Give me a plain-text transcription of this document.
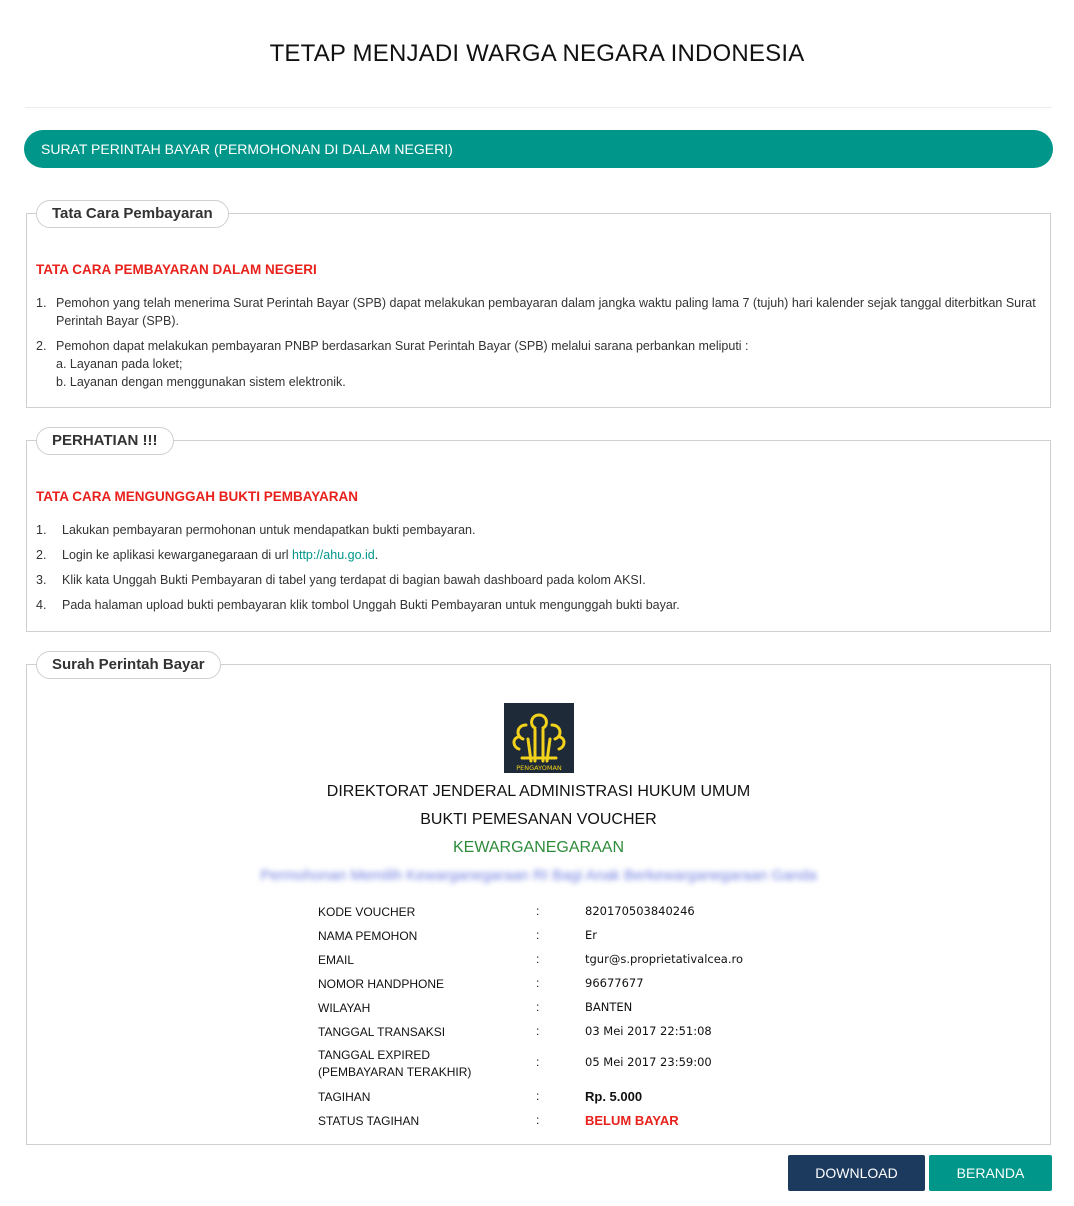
TETAP MENJADI WARGA NEGARA INDONESIA
SURAT PERINTAH BAYAR (PERMOHONAN DI DALAM NEGERI)
Tata Cara Pembayaran
TATA CARA PEMBAYARAN DALAM NEGERI
1. Pemohon yang telah menerima Surat Perintah Bayar (SPB) dapat melakukan pembayaran dalam jangka waktu paling lama 7 (tujuh) hari kalender sejak tanggal diterbitkan Surat Perintah Bayar (SPB).
2. Pemohon dapat melakukan pembayaran PNBP berdasarkan Surat Perintah Bayar (SPB) melalui sarana perbankan meliputi :
a. Layanan pada loket;
b. Layanan dengan menggunakan sistem elektronik.
PERHATIAN !!!
TATA CARA MENGUNGGAH BUKTI PEMBAYARAN
1. Lakukan pembayaran permohonan untuk mendapatkan bukti pembayaran.
2. Login ke aplikasi kewarganegaraan di url http://ahu.go.id.
3. Klik kata Unggah Bukti Pembayaran di tabel yang terdapat di bagian bawah dashboard pada kolom AKSI.
4. Pada halaman upload bukti pembayaran klik tombol Unggah Bukti Pembayaran untuk mengunggah bukti bayar.
Surah Perintah Bayar
PENGAYOMAN
DIREKTORAT JENDERAL ADMINISTRASI HUKUM UMUM
BUKTI PEMESANAN VOUCHER
KEWARGANEGARAAN
Permohonan Memilih Kewarganegaraan RI Bagi Anak Berkewarganegaraan Ganda
KODE VOUCHER	:	820170503840246
NAMA PEMOHON	:	Er
EMAIL	:	tgur@s.proprietativalcea.ro
NOMOR HANDPHONE	:	96677677
WILAYAH	:	BANTEN
TANGGAL TRANSAKSI	:	03 Mei 2017 22:51:08
TANGGAL EXPIRED
(PEMBAYARAN TERAKHIR)
:	05 Mei 2017 23:59:00
TAGIHAN	:	Rp. 5.000
STATUS TAGIHAN	:	BELUM BAYAR
DOWNLOAD	BERANDA
